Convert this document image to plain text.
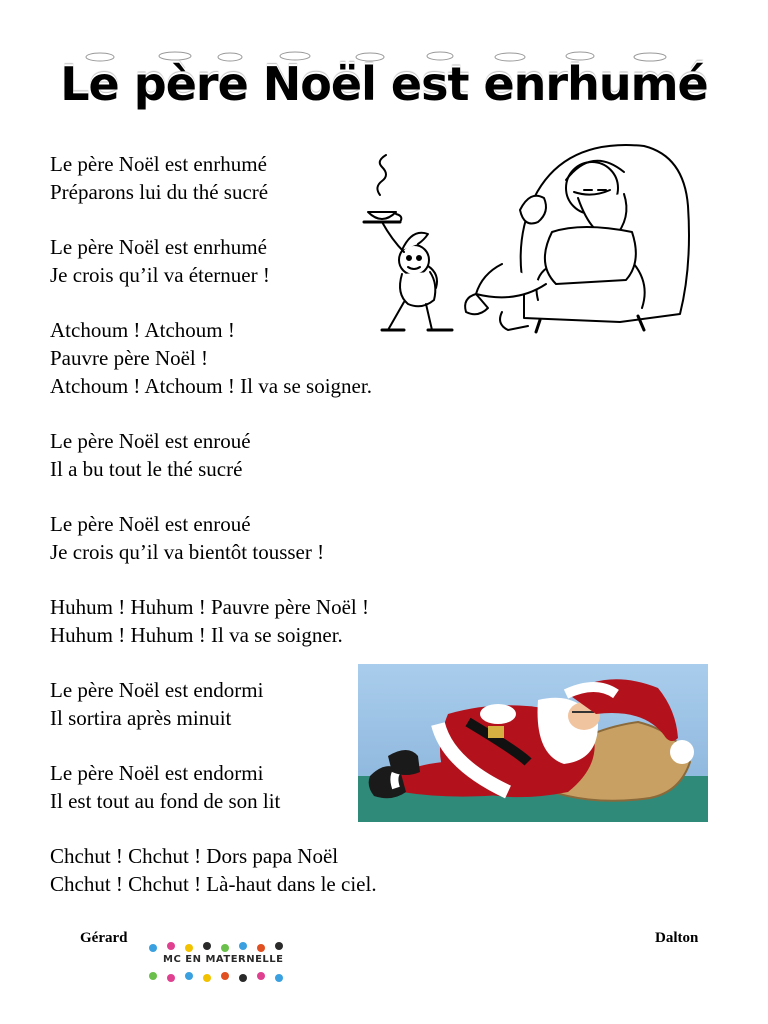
Le père Noël est enrhumé
Le père Noël est enrhumé
Préparons lui du thé sucré
Le père Noël est enrhumé
Je crois qu’il va éternuer !
Atchoum ! Atchoum !
Pauvre père Noël !
Atchoum ! Atchoum ! Il va se soigner.
Le père Noël est enroué
Il a bu tout le thé sucré
Le père Noël est enroué
Je crois qu’il va bientôt tousser !
Huhum ! Huhum ! Pauvre père Noël !
Huhum ! Huhum ! Il va se soigner.
Le père Noël est endormi
Il sortira après minuit
Le père Noël est endormi
Il est tout au fond de son lit
Chchut ! Chchut ! Dors papa Noël
Chchut ! Chchut ! Là-haut dans le ciel.
Gérard	Dalton
MC EN MATERNELLE
